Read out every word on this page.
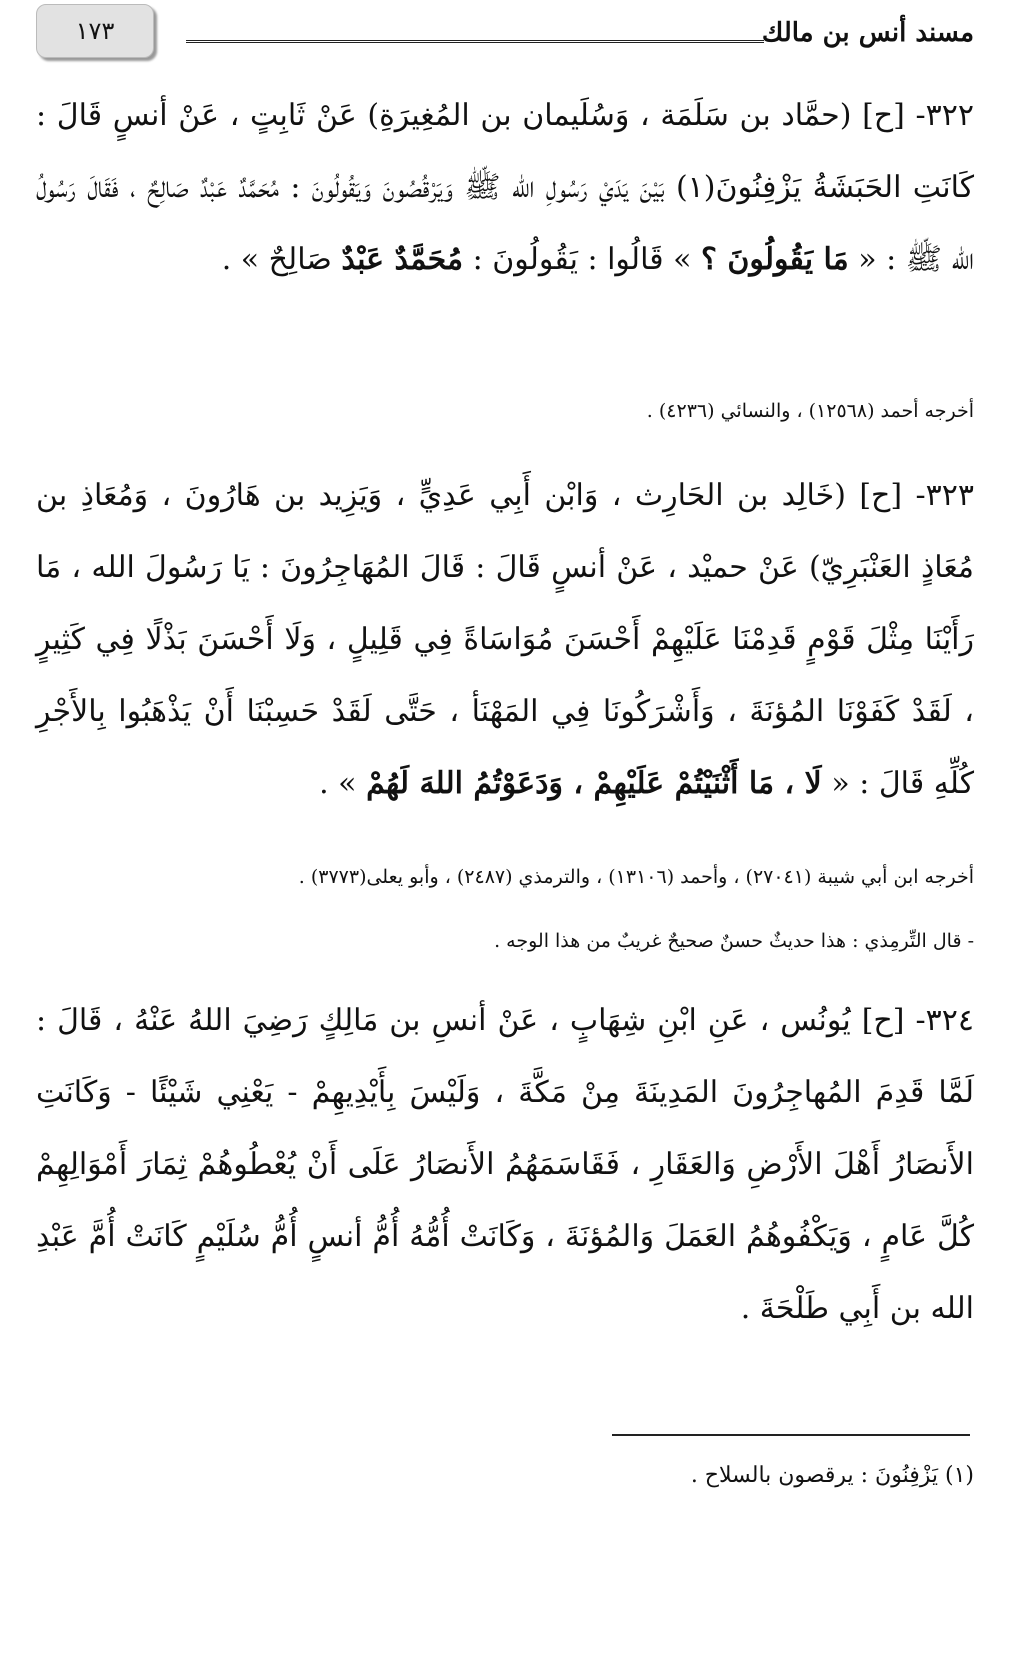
مسند أنس بن مالك
١٧٣
٣٢٢- [ح] (حمَّاد بن سَلَمَة ، وَسُلَيمان بن المُغِيرَةِ) عَنْ ثَابِتٍ ، عَنْ أنسٍ قَالَ : كَانَتِ الحَبَشَةُ يَزْفِنُونَ(١) بَيْنَ يَدَيْ رَسُولِ الله ﷺ وَيَرْقُصُونَ وَيَقُولُونَ : مُحَمَّدٌ عَبْدٌ صَالِحٌ ، فَقَالَ رَسُولُ الله ﷺ : « مَا يَقُولُونَ ؟ » قَالُوا : يَقُولُونَ : مُحَمَّدٌ عَبْدٌ صَالِحٌ » .
أخرجه أحمد (١٢٥٦٨) ، والنسائي (٤٢٣٦) .
٣٢٣- [ح] (خَالِد بن الحَارِث ، وَابْن أَبِي عَدِيٍّ ، وَيَزِيد بن هَارُونَ ، وَمُعَاذِ بن مُعَاذٍ العَنْبَرِيّ) عَنْ حميْد ، عَنْ أنسٍ قَالَ : قَالَ المُهَاجِرُونَ : يَا رَسُولَ الله ، مَا رَأَيْنَا مِثْلَ قَوْمٍ قَدِمْنَا عَلَيْهِمْ أَحْسَنَ مُوَاسَاةً فِي قَلِيلٍ ، وَلَا أَحْسَنَ بَذْلًا فِي كَثِيرٍ ، لَقَدْ كَفَوْنَا المُؤنَةَ ، وَأَشْرَكُونَا فِي المَهْنَأ ، حَتَّى لَقَدْ حَسِبْنَا أَنْ يَذْهَبُوا بِالأَجْرِ كُلِّهِ قَالَ : « لَا ، مَا أَثْنَيْتُمْ عَلَيْهِمْ ، وَدَعَوْتُمُ اللهَ لَهُمْ » .
أخرجه ابن أبي شيبة (٢٧٠٤١) ، وأحمد (١٣١٠٦) ، والترمذي (٢٤٨٧) ، وأبو يعلى(٣٧٧٣) .
- قال التِّرمِذي : هذا حديثٌ حسنٌ صحيحٌ غريبٌ من هذا الوجه .
٣٢٤- [ح] يُونُس ، عَنِ ابْنِ شِهَابٍ ، عَنْ أنسِ بن مَالِكٍ رَضِيَ اللهُ عَنْهُ ، قَالَ : لَمَّا قَدِمَ المُهاجِرُونَ المَدِينَةَ مِنْ مَكَّةَ ، وَلَيْسَ بِأَيْدِيهِمْ - يَعْنِي شَيْئًا - وَكَانَتِ الأَنصَارُ أَهْلَ الأَرْضِ وَالعَقَارِ ، فَقَاسَمَهُمُ الأَنصَارُ عَلَى أَنْ يُعْطُوهُمْ ثِمَارَ أَمْوَالِهِمْ كُلَّ عَامٍ ، وَيَكْفُوهُمُ العَمَلَ وَالمُؤنَةَ ، وَكَانَتْ أُمُّهُ أُمُّ أنسٍ أُمُّ سُلَيْمٍ كَانَتْ أُمَّ عَبْدِ الله بن أَبِي طَلْحَةَ .
(١) يَزْفِنُونَ : يرقصون بالسلاح .
